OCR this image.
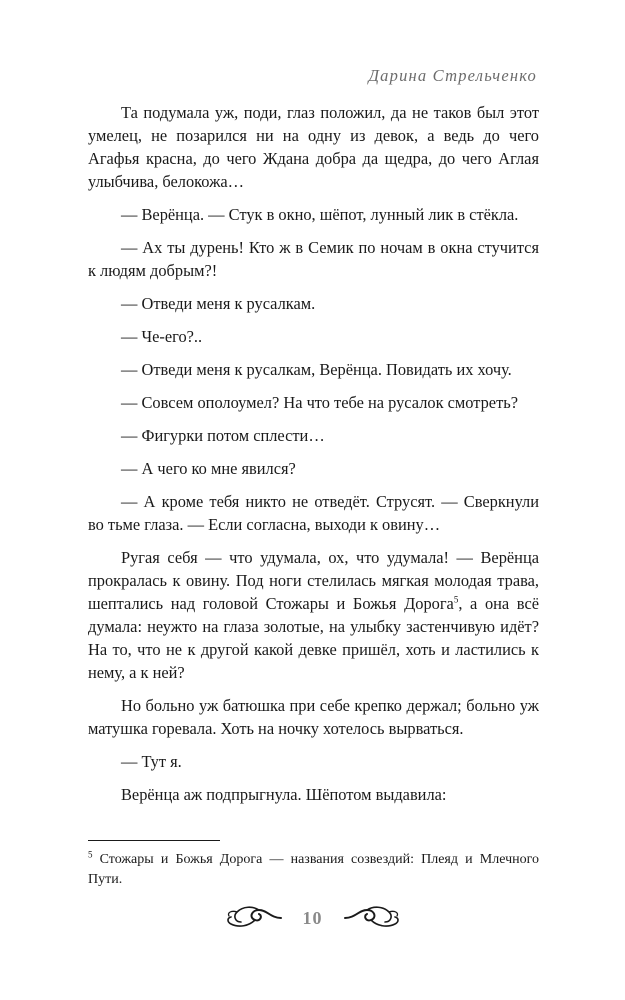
Дарина Стрельченко

Та подумала уж, поди, глаз положил, да не таков был этот умелец, не позарился ни на одну из девок, а ведь до чего Агафья красна, до чего Ждана добра да щедра, до чего Аглая улыбчива, белокожа…

— Верёнца. — Стук в окно, шёпот, лунный лик в стёкла.

— Ах ты дурень! Кто ж в Семик по ночам в окна стучится к людям добрым?!

— Отведи меня к русалкам.

— Че-его?..

— Отведи меня к русалкам, Верёнца. Повидать их хочу.

— Совсем ополоумел? На что тебе на русалок смотреть?

— Фигурки потом сплести…

— А чего ко мне явился?

— А кроме тебя никто не отведёт. Струсят. — Сверкнули во тьме глаза. — Если согласна, выходи к овину…

Ругая себя — что удумала, ох, что удумала! — Верёнца прокралась к овину. Под ноги стелилась мягкая молодая трава, шептались над головой Стожары и Божья Дорога$^5$, а она всё думала: неужто на глаза золотые, на улыбку застенчивую идёт? На то, что не к другой какой девке пришёл, хоть и ластились к нему, а к ней?

Но больно уж батюшка при себе крепко держал; больно уж матушка горевала. Хоть на ночку хотелось вырваться.

— Тут я.

Верёнца аж подпрыгнула. Шёпотом выдавила:

$^5$ Стожары и Божья Дорога — названия созвездий: Плеяд и Млечного Пути.
10
